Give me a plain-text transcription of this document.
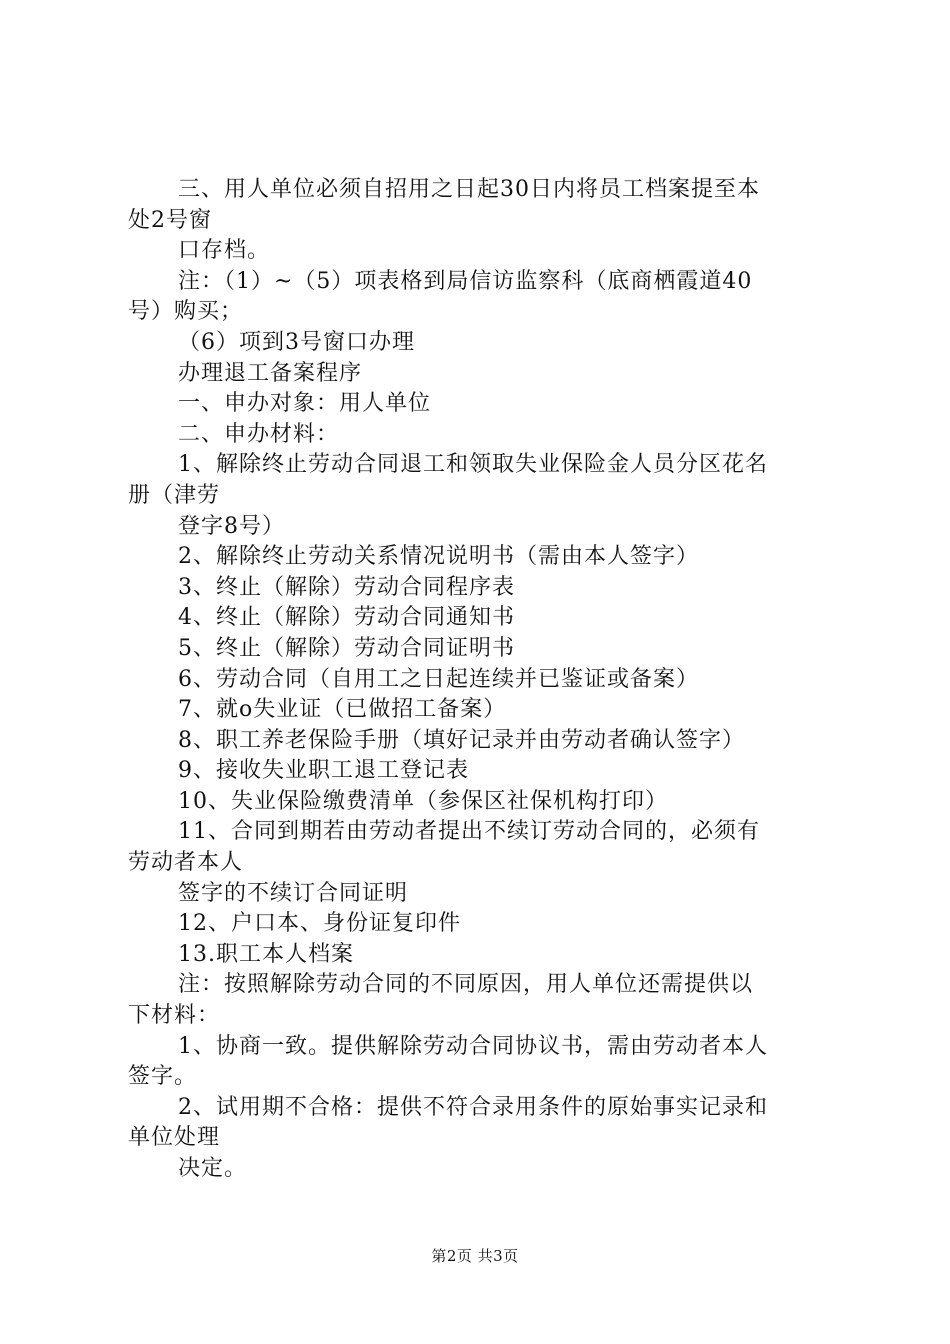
三、用人单位必须自招用之日起30日内将员工档案提至本
处2号窗
口存档。
注：（1）~（5）项表格到局信访监察科（底商栖霞道40
号）购买；
（6）项到3号窗口办理
办理退工备案程序
一、申办对象：用人单位
二、申办材料：
1、解除终止劳动合同退工和领取失业保险金人员分区花名
册（津劳
登字8号）
2、解除终止劳动关系情况说明书（需由本人签字）
3、终止（解除）劳动合同程序表
4、终止（解除）劳动合同通知书
5、终止（解除）劳动合同证明书
6、劳动合同（自用工之日起连续并已鉴证或备案）
7、就o失业证（已做招工备案）
8、职工养老保险手册（填好记录并由劳动者确认签字）
9、接收失业职工退工登记表
10、失业保险缴费清单（参保区社保机构打印）
11、合同到期若由劳动者提出不续订劳动合同的，必须有
劳动者本人
签字的不续订合同证明
12、户口本、身份证复印件
13.职工本人档案
注：按照解除劳动合同的不同原因，用人单位还需提供以
下材料：
1、协商一致。提供解除劳动合同协议书，需由劳动者本人
签字。
2、试用期不合格：提供不符合录用条件的原始事实记录和
单位处理
决定。
第2页 共3页
